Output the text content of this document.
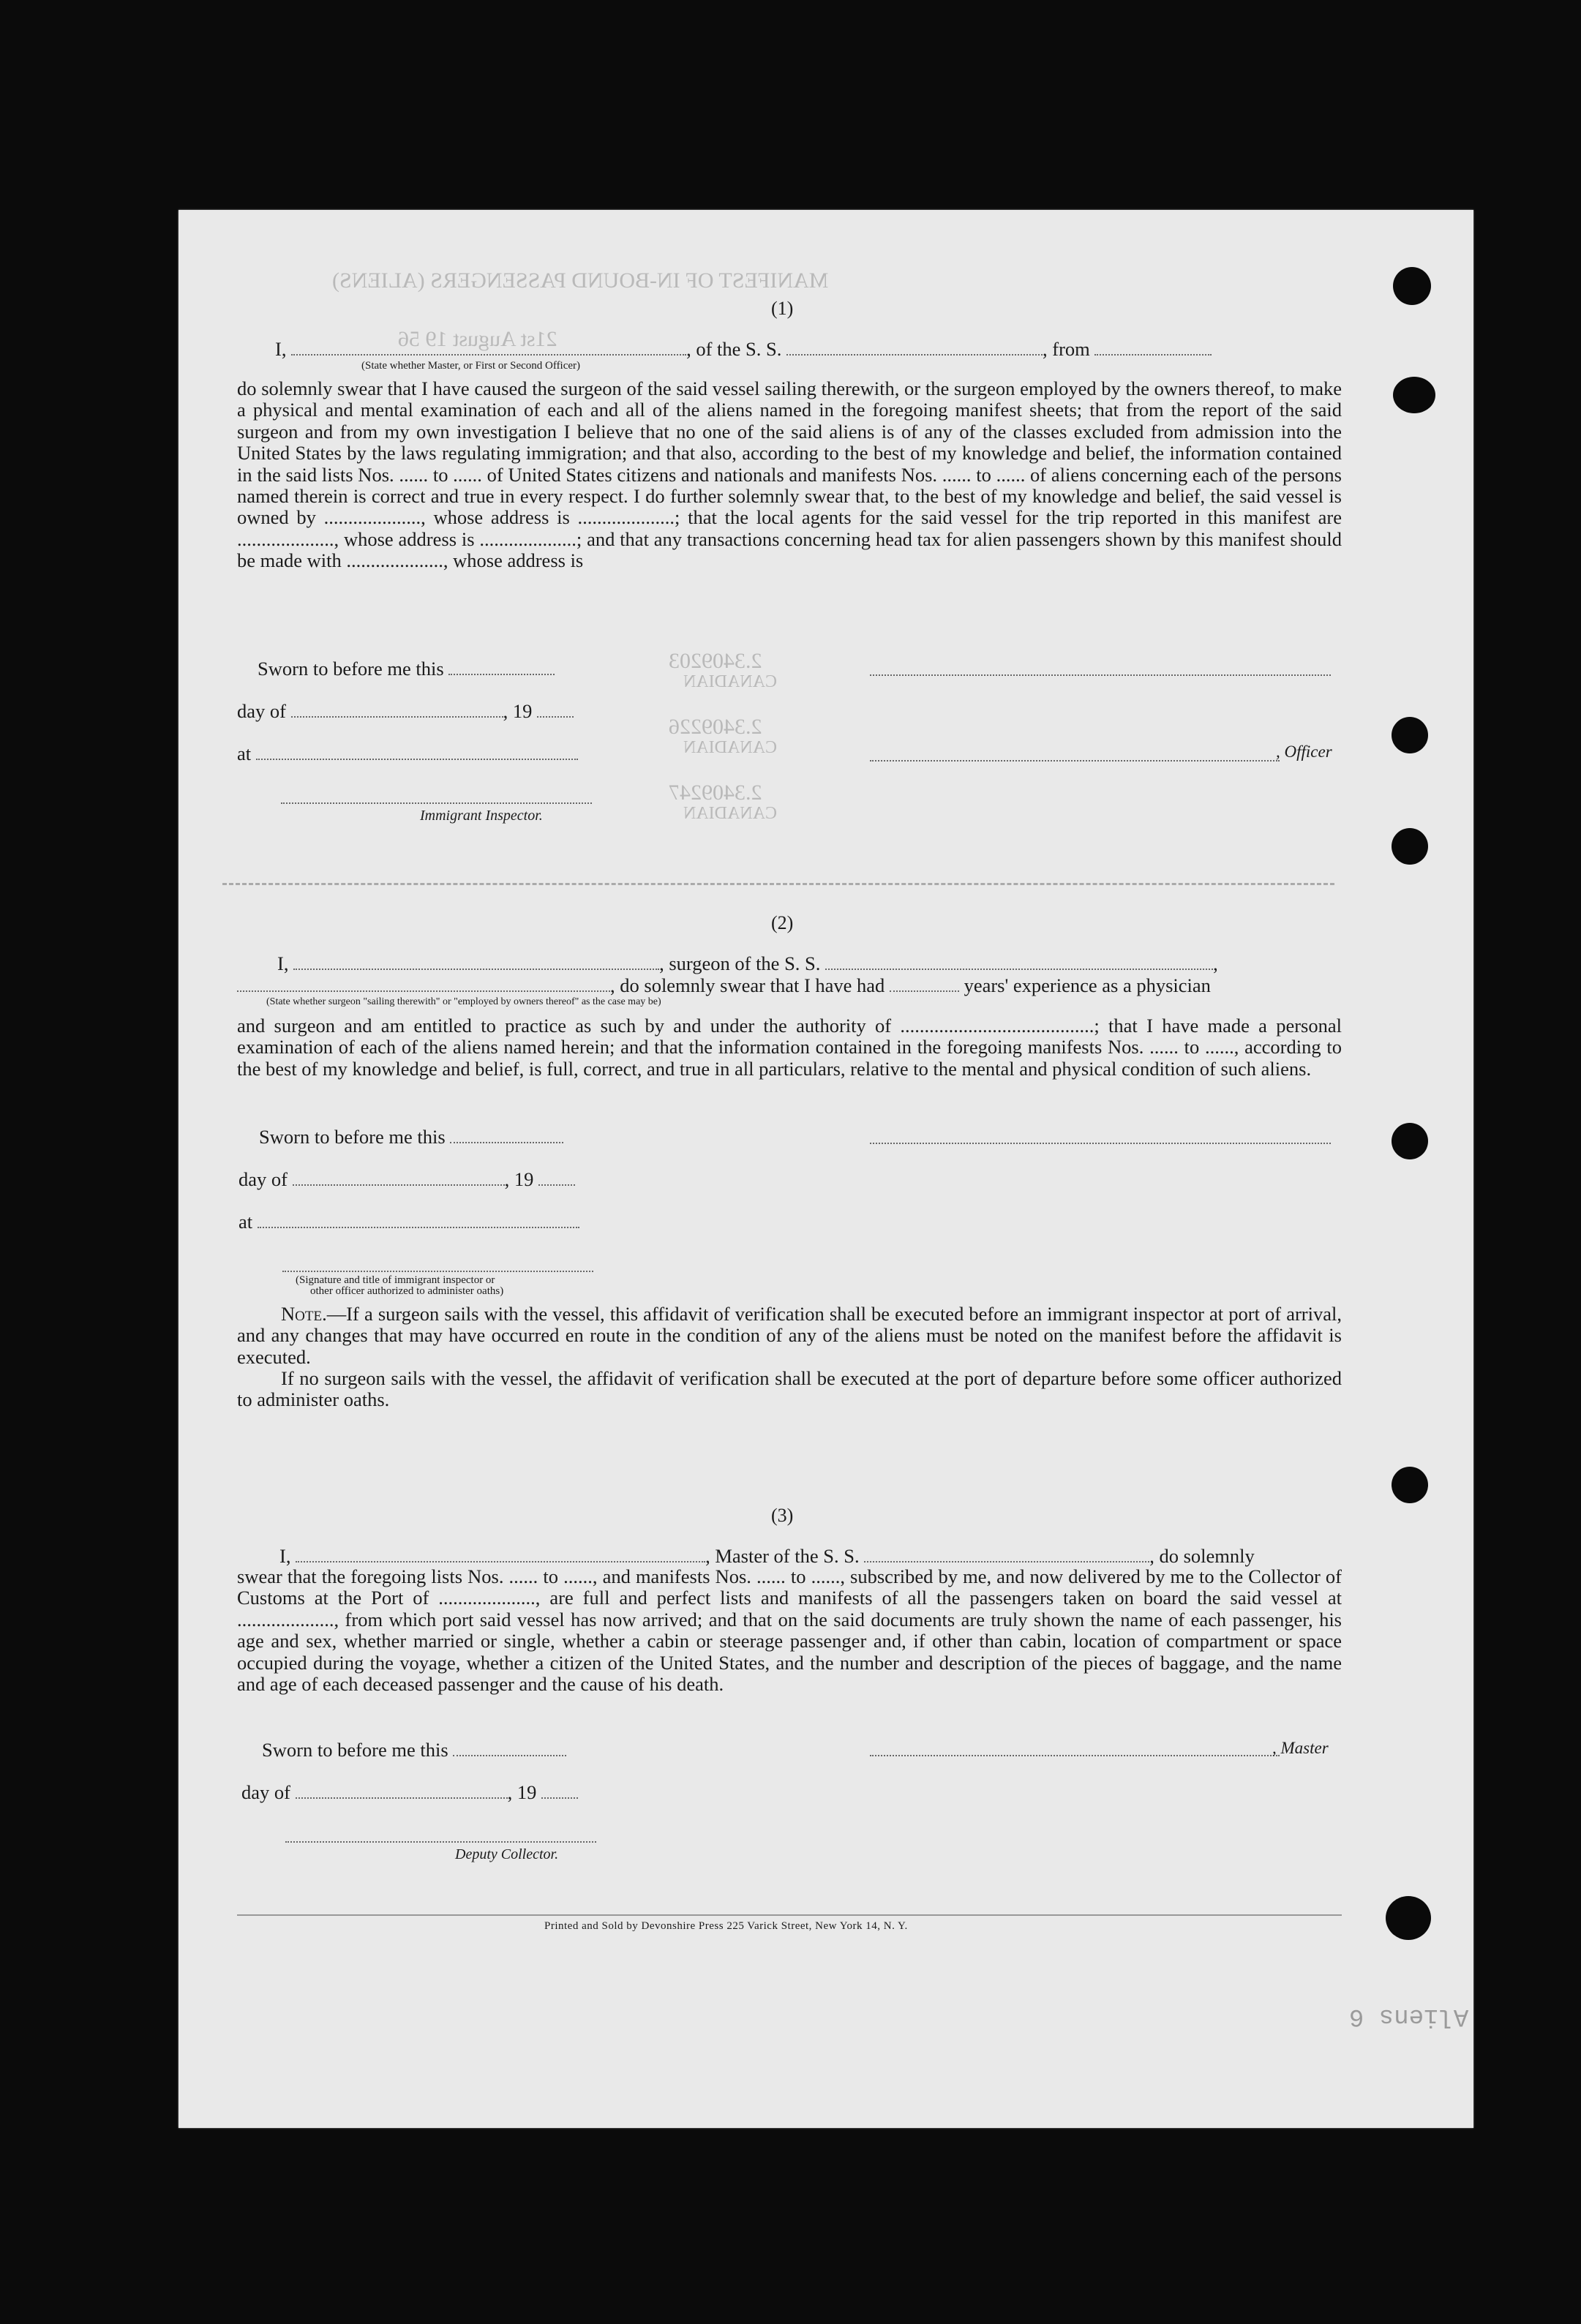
MANIFEST OF IN-BOUND PASSENGERS (ALIENS)
21st August 19 56
2.3409203
CANADIAN
2.3409226
CANADIAN
2.3409247
CANADIAN
(1)
I,	, of the S. S.	, from
(State whether Master, or First or Second Officer)
do solemnly swear that I have caused the surgeon of the said vessel sailing therewith, or the surgeon employed by the owners thereof, to make a physical and mental examination of each and all of the aliens named in the foregoing manifest sheets; that from the report of the said surgeon and from my own investigation I believe that no one of the said aliens is of any of the classes excluded from admission into the United States by the laws regulating immigration; and that also, according to the best of my knowledge and belief, the information contained in the said lists Nos. ...... to ...... of United States citizens and nationals and manifests Nos. ...... to ...... of aliens concerning each of the persons named therein is correct and true in every respect. I do further solemnly swear that, to the best of my knowledge and belief, the said vessel is owned by ...................., whose address is ....................; that the local agents for the said vessel for the trip reported in this manifest are ...................., whose address is ....................; and that any transactions concerning head tax for alien passengers shown by this manifest should be made with ...................., whose address is
Sworn to before me this
day of	, 19
at	, Officer
Immigrant Inspector.
(2)
I,	, surgeon of the S. S.	,
, do solemnly swear that I have had	years' experience as a physician
(State whether surgeon "sailing therewith" or "employed by owners thereof" as the case may be)
and surgeon and am entitled to practice as such by and under the authority of ........................................; that I have made a personal examination of each of the aliens named herein; and that the information contained in the foregoing manifests Nos. ...... to ......, according to the best of my knowledge and belief, is full, correct, and true in all particulars, relative to the mental and physical condition of such aliens.
Sworn to before me this
day of	, 19
at
(Signature and title of immigrant inspector or
other officer authorized to administer oaths)
Note.—If a surgeon sails with the vessel, this affidavit of verification shall be executed before an immigrant inspector at port of arrival, and any changes that may have occurred en route in the condition of any of the aliens must be noted on the manifest before the affidavit is executed.
If no surgeon sails with the vessel, the affidavit of verification shall be executed at the port of departure before some officer authorized to administer oaths.
(3)
I,	, Master of the S. S.	, do solemnly
swear that the foregoing lists Nos. ...... to ......, and manifests Nos. ...... to ......, subscribed by me, and now delivered by me to the Collector of Customs at the Port of ...................., are full and perfect lists and manifests of all the passengers taken on board the said vessel at ...................., from which port said vessel has now arrived; and that on the said documents are truly shown the name of each passenger, his age and sex, whether married or single, whether a cabin or steerage passenger and, if other than cabin, location of compartment or space occupied during the voyage, whether a citizen of the United States, and the number and description of the pieces of baggage, and the name and age of each deceased passenger and the cause of his death.
Sworn to before me this	, Master
day of	, 19
Deputy Collector.
Printed and Sold by Devonshire Press 225 Varick Street, New York 14, N. Y.
Aliens 6
